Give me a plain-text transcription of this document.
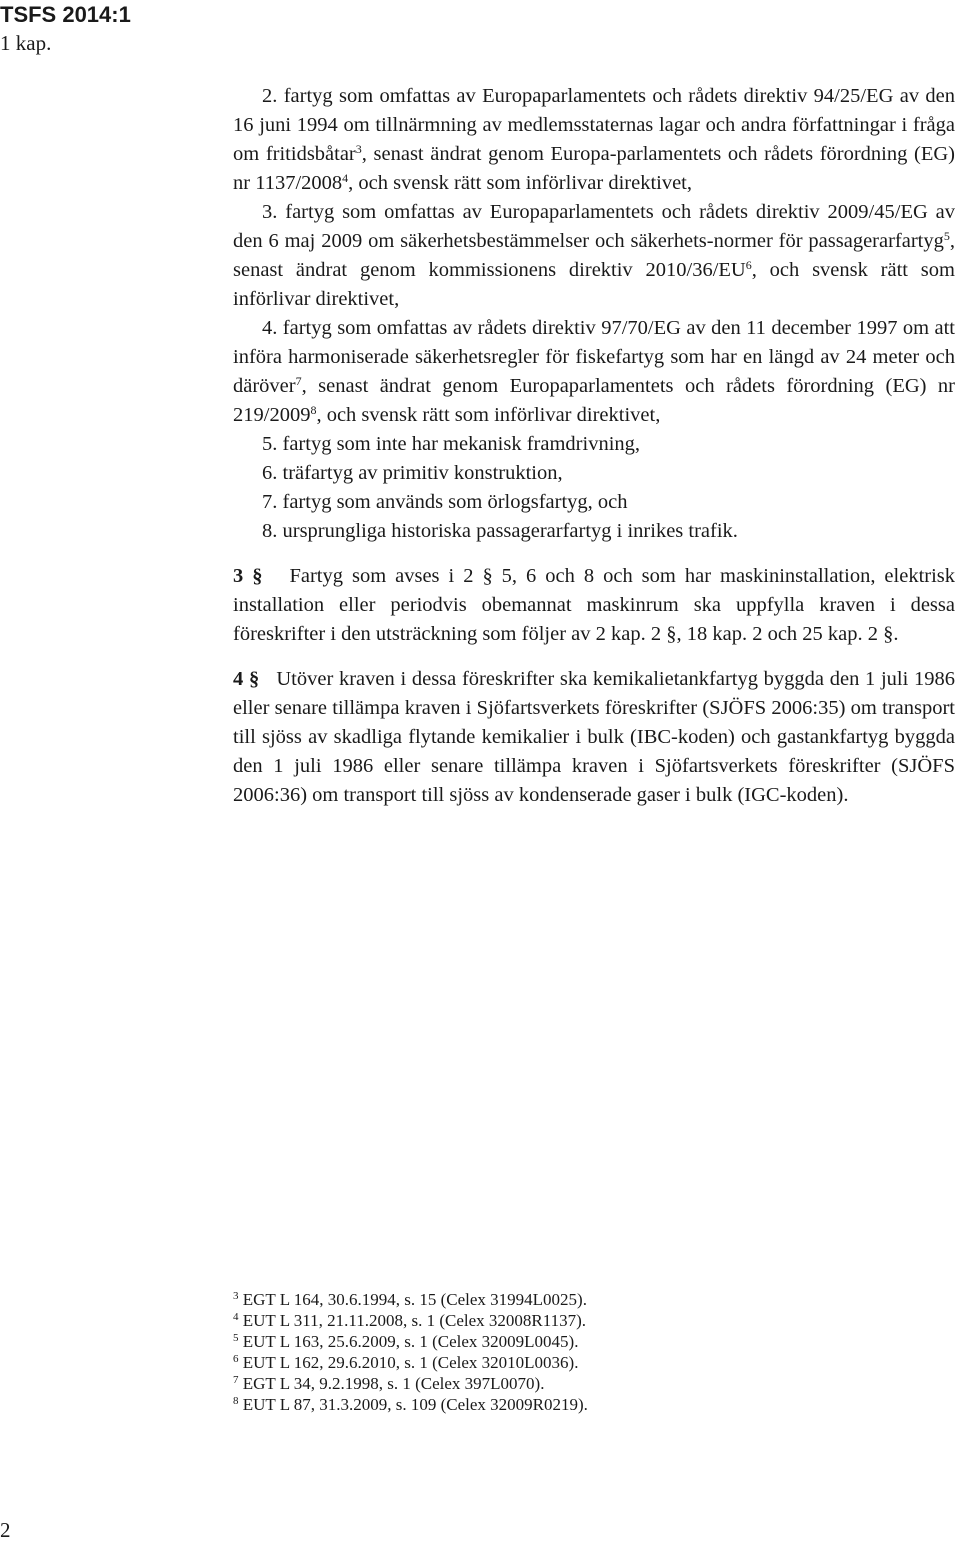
TSFS 2014:1
1 kap.

2. fartyg som omfattas av Europaparlamentets och rådets direktiv 94/25/EG av den 16 juni 1994 om tillnärmning av medlemsstaternas lagar och andra författningar i fråga om fritidsbåtar$^3$, senast ändrat genom Europa-parlamentets och rådets förordning (EG) nr 1137/2008$^4$, och svensk rätt som införlivar direktivet,

3. fartyg som omfattas av Europaparlamentets och rådets direktiv 2009/45/EG av den 6 maj 2009 om säkerhetsbestämmelser och säkerhets-normer för passagerarfartyg$^5$, senast ändrat genom kommissionens direktiv $2010/36/EU^6$, och svensk rätt som införlivar direktivet,

4. fartyg som omfattas av rådets direktiv 97/70/EG av den 11 december 1997 om att införa harmoniserade säkerhetsregler för fiskefartyg som har en längd av 24 meter och däröver$^7$, senast ändrat genom Europaparlamentets och rådets förordning (EG) nr 219/2009$^8$, och svensk rätt som införlivar direktivet,

5. fartyg som inte har mekanisk framdrivning,

6. träfartyg av primitiv konstruktion,

7. fartyg som används som örlogsfartyg, och

8. ursprungliga historiska passagerarfartyg i inrikes trafik.

3 § Fartyg som avses i 2 § 5, 6 och 8 och som har maskininstallation, elektrisk installation eller periodvis obemannat maskinrum ska uppfylla kraven i dessa föreskrifter i den utsträckning som följer av 2 kap. 2 §, 18 kap. 2 och 25 kap. 2 §.

4 § Utöver kraven i dessa föreskrifter ska kemikalietankfartyg byggda den 1 juli 1986 eller senare tillämpa kraven i Sjöfartsverkets föreskrifter (SJÖFS 2006:35) om transport till sjöss av skadliga flytande kemikalier i bulk (IBC-koden) och gastankfartyg byggda den 1 juli 1986 eller senare tillämpa kraven i Sjöfartsverkets föreskrifter (SJÖFS 2006:36) om transport till sjöss av kondenserade gaser i bulk (IGC-koden).

$^3$ EGT L 164, 30.6.1994, s. 15 (Celex 31994L0025).
$^4$ EUT L 311, 21.11.2008, s. 1 (Celex 32008R1137).
$^5$ EUT L 163, 25.6.2009, s. 1 (Celex 32009L0045).
$^6$ EUT L 162, 29.6.2010, s. 1 (Celex 32010L0036).
$^7$ EGT L 34, 9.2.1998, s. 1 (Celex 397L0070).
$^8$ EUT L 87, 31.3.2009, s. 109 (Celex 32009R0219).
2
